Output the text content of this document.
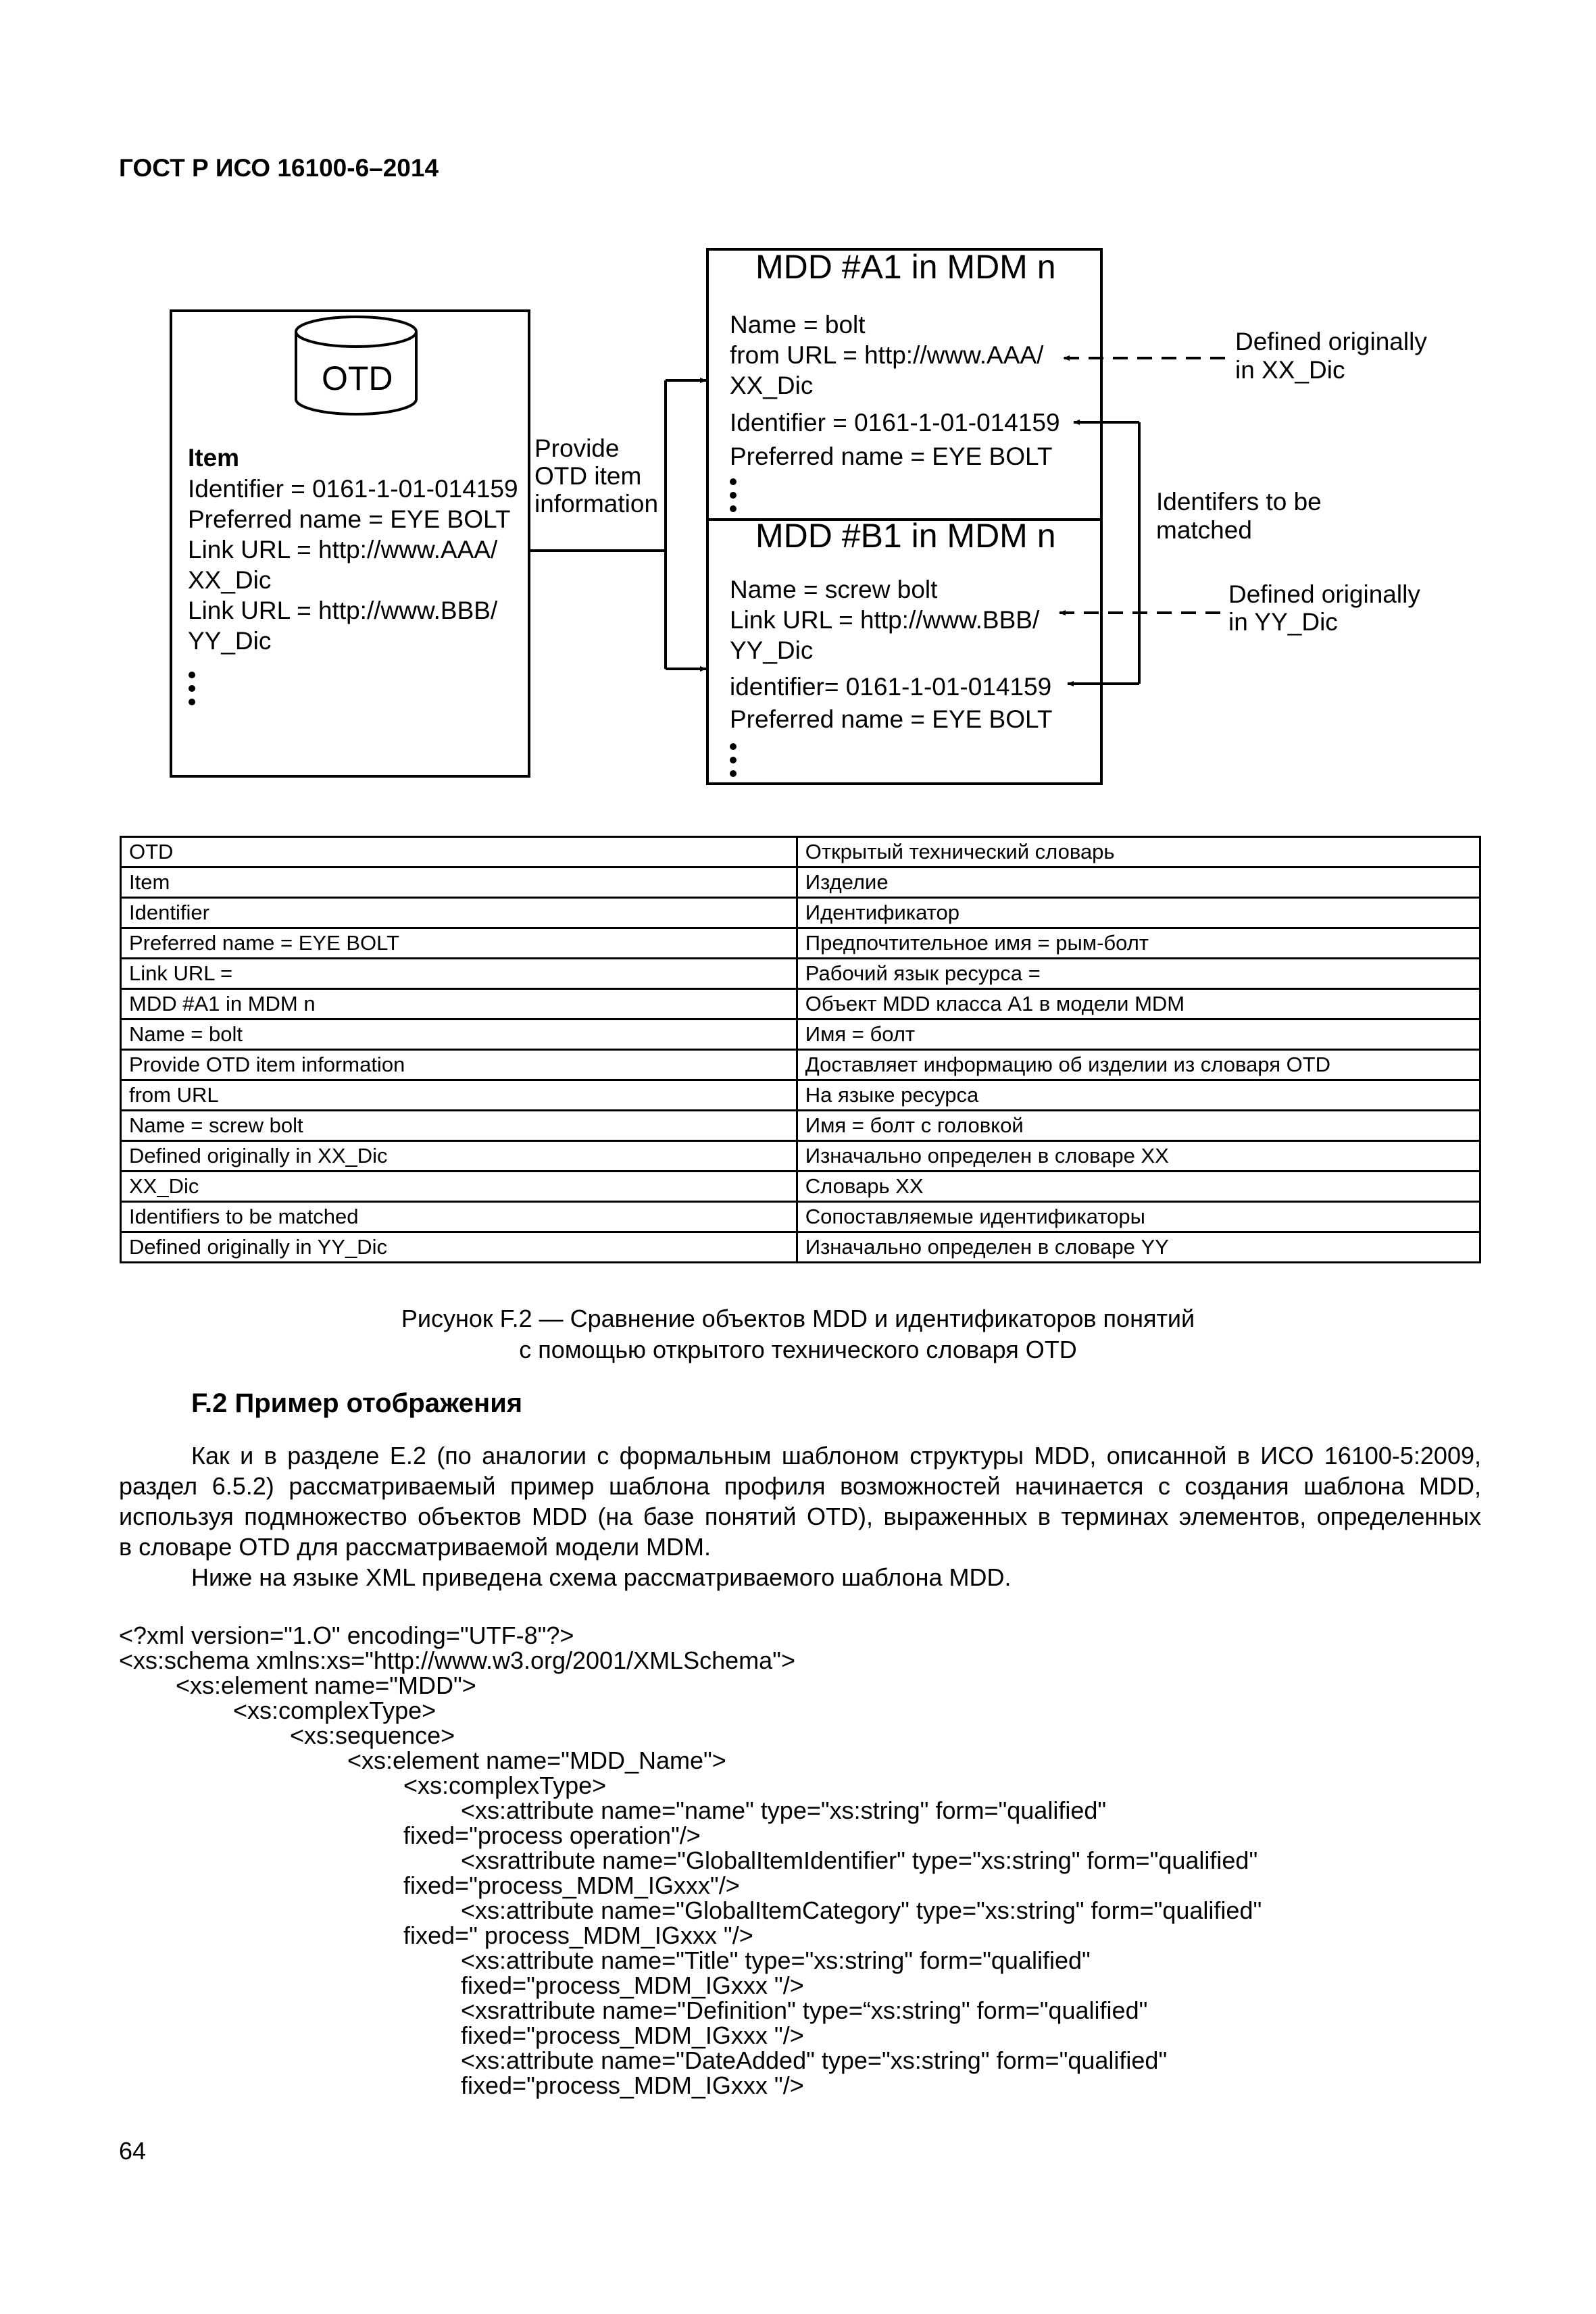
ГОСТ Р ИСО 16100-6–2014
OTD
Item
Identifier = 0161-1-01-014159
Preferred name = EYE BOLT
Link URL = http://www.AAA/
XX_Dic
Link URL = http://www.BBB/
YY_Dic
Provide
OTD item
information
MDD #A1 in MDM n
Name = bolt
from URL = http://www.AAA/
XX_Dic
Identifier = 0161-1-01-014159
Preferred name = EYE BOLT
MDD #B1 in MDM n
Name = screw bolt
Link URL = http://www.BBB/
YY_Dic
identifier= 0161-1-01-014159
Preferred name = EYE BOLT
Defined originally
in XX_Dic
Identifers to be
matched
Defined originally
in YY_Dic
OTD	Открытый технический словарь
Item	Изделие
Identifier	Идентификатор
Preferred name = EYE BOLT	Предпочтительное имя = рым-болт
Link URL =	Рабочий язык ресурса =
MDD #A1 in MDM n	Объект MDD класса A1 в модели MDM
Name = bolt	Имя = болт
Provide OTD item information	Доставляет информацию об изделии из словаря OTD
from URL	На языке ресурса
Name = screw bolt	Имя = болт с головкой
Defined originally in XX_Dic	Изначально определен в словаре XX
XX_Dic	Словарь XX
Identifiers to be matched	Сопоставляемые идентификаторы
Defined originally in YY_Dic	Изначально определен в словаре YY
Рисунок F.2 — Сравнение объектов MDD и идентификаторов понятий
с помощью открытого технического словаря OTD
F.2 Пример отображения
Как и в разделе Е.2 (по аналогии с формальным шаблоном структуры MDD, описанной в ИСО 16100-5:2009,
раздел 6.5.2) рассматриваемый пример шаблона профиля возможностей начинается с создания шаблона MDD,
используя подмножество объектов MDD (на базе понятий OTD), выраженных в терминах элементов, определенных
в словаре OTD для рассматриваемой модели MDM.
Ниже на языке XML приведена схема рассматриваемого шаблона MDD.
<?xml version="1.O" encoding="UTF-8"?>
<xs:schema xmlns:xs="http://www.w3.org/2001/XMLSchema">
<xs:element name="MDD">
<xs:complexType>
<xs:sequence>
<xs:element name="MDD_Name">
<xs:complexType>
<xs:attribute name="name" type="xs:string" form="qualified"
fixed="process operation"/>
<xsrattribute name="GlobalItemIdentifier" type="xs:string" form="qualified"
fixed="process_MDM_IGxxx"/>
<xs:attribute name="GlobalItemCategory" type="xs:string" form="qualified"
fixed=" process_MDM_IGxxx "/>
<xs:attribute name="Title" type="xs:string" form="qualified"
fixed="process_MDM_IGxxx "/>
<xsrattribute name="Definition" type=“xs:string" form="qualified"
fixed="process_MDM_IGxxx "/>
<xs:attribute name="DateAdded" type="xs:string" form="qualified"
fixed="process_MDM_IGxxx "/>
64
